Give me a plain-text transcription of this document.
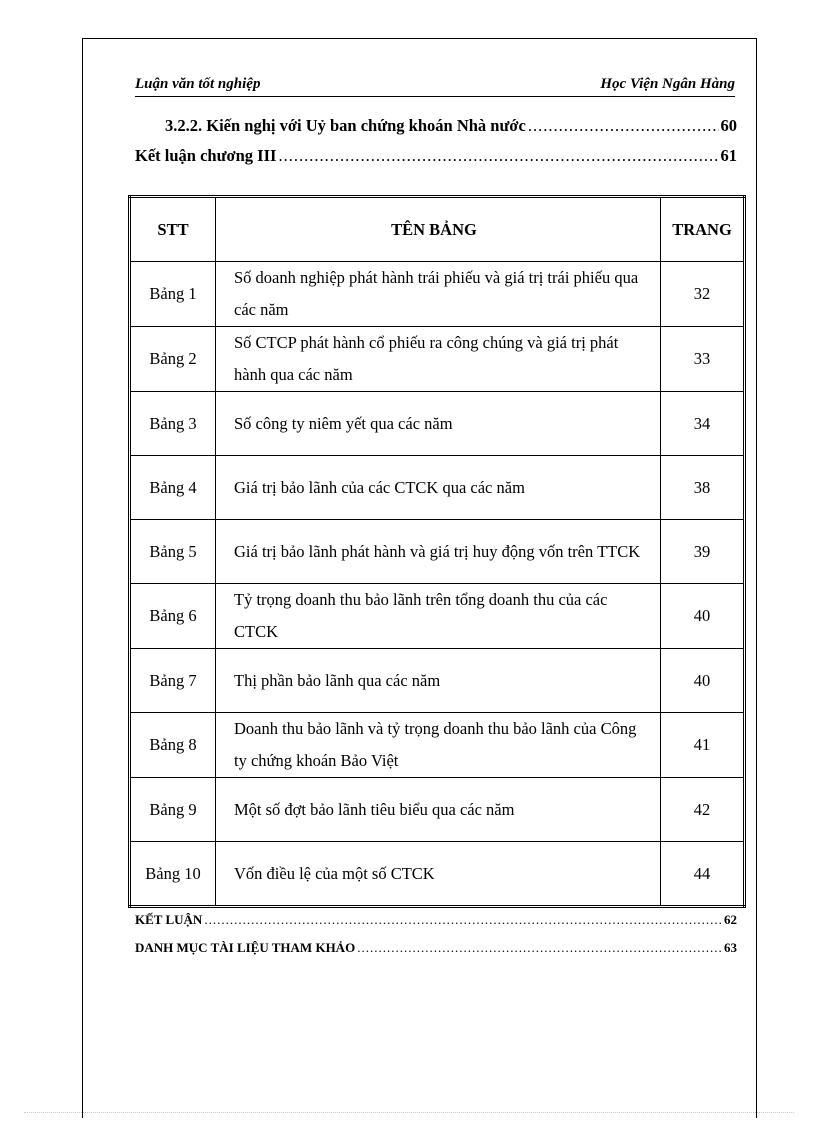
Luận văn tốt nghiệp	Học Viện Ngân Hàng
3.2.2. Kiến nghị với Uỷ ban chứng khoán Nhà nước .....	60
Kết luận chương III .....	61
STT	TÊN BẢNG	TRANG
Bảng 1	Số doanh nghiệp phát hành trái phiếu và giá trị trái phiếu qua các năm	32
Bảng 2	Số CTCP phát hành cổ phiếu ra công chúng và giá trị phát hành qua các năm	33
Bảng 3	Số công ty niêm yết qua các năm	34
Bảng 4	Giá trị bảo lãnh của các CTCK qua các năm	38
Bảng 5	Giá trị bảo lãnh phát hành và giá trị huy động vốn trên TTCK	39
Bảng 6	Tỷ trọng doanh thu bảo lãnh trên tổng doanh thu của các CTCK	40
Bảng 7	Thị phần bảo lãnh qua các năm	40
Bảng 8	Doanh thu bảo lãnh và tỷ trọng doanh thu bảo lãnh của Công ty chứng khoán Bảo Việt	41
Bảng 9	Một số đợt bảo lãnh tiêu biểu qua các năm	42
Bảng 10	Vốn điều lệ của một số CTCK	44
KẾT LUẬN .....	62
DANH MỤC TÀI LIỆU THAM KHẢO .....	63
